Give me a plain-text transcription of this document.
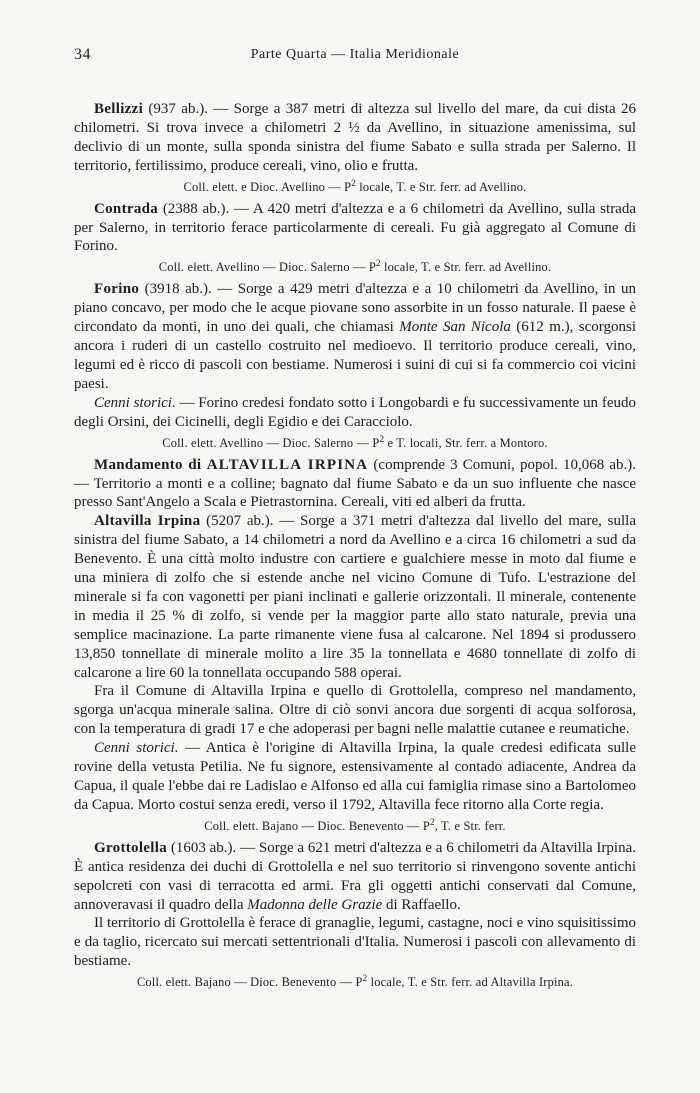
34	Parte Quarta — Italia Meridionale

Bellizzi (937 ab.). — Sorge a 387 metri di altezza sul livello del mare, da cui dista 26 chilometri. Si trova invece a chilometri 2 ½ da Avellino, in situazione amenissima, sul declivio di un monte, sulla sponda sinistra del fiume Sabato e sulla strada per Salerno. Il territorio, fertilissimo, produce cereali, vino, olio e frutta.

Coll. elett. e Dioc. Avellino — $P^2$ locale, T. e Str. ferr. ad Avellino.

Contrada (2388 ab.). — A 420 metri d'altezza e a 6 chilometri da Avellino, sulla strada per Salerno, in territorio ferace particolarmente di cereali. Fu già aggregato al Comune di Forino.

Coll. elett. Avellino — Dioc. Salerno — $P^2$ locale, T. e Str. ferr. ad Avellino.

Forino (3918 ab.). — Sorge a 429 metri d'altezza e a 10 chilometri da Avellino, in un piano concavo, per modo che le acque piovane sono assorbite in un fosso naturale. Il paese è circondato da monti, in uno dei quali, che chiamasi Monte San Nicola (612 m.), scorgonsi ancora i ruderi di un castello costruito nel medioevo. Il territorio produce cereali, vino, legumi ed è ricco di pascoli con bestiame. Numerosi i suini di cui si fa commercio coi vicini paesi.

Cenni storici. — Forino credesi fondato sotto i Longobardi e fu successivamente un feudo degli Orsini, dei Cicinelli, degli Egidio e dei Caracciolo.

Coll. elett. Avellino — Dioc. Salerno — $P^2$ e T. locali, Str. ferr. a Montoro.

Mandamento di ALTAVILLA IRPINA (comprende 3 Comuni, popol. 10,068 ab.). — Territorio a monti e a colline; bagnato dal fiume Sabato e da un suo influente che nasce presso Sant'Angelo a Scala e Pietrastornina. Cereali, viti ed alberi da frutta.

Altavilla Irpina (5207 ab.). — Sorge a 371 metri d'altezza dal livello del mare, sulla sinistra del fiume Sabato, a 14 chilometri a nord da Avellino e a circa 16 chilometri a sud da Benevento. È una città molto industre con cartiere e gualchiere messe in moto dal fiume e una miniera di zolfo che si estende anche nel vicino Comune di Tufo. L'estrazione del minerale si fa con vagonetti per piani inclinati e gallerie orizzontali. Il minerale, contenente in media il 25 % di zolfo, si vende per la maggior parte allo stato naturale, previa una semplice macinazione. La parte rimanente viene fusa al calcarone. Nel 1894 si produssero 13,850 tonnellate di minerale molito a lire 35 la tonnellata e 4680 tonnellate di zolfo di calcarone a lire 60 la tonnellata occupando 588 operai.

Fra il Comune di Altavilla Irpina e quello di Grottolella, compreso nel mandamento, sgorga un'acqua minerale salina. Oltre di ciò sonvi ancora due sorgenti di acqua solforosa, con la temperatura di gradi 17 e che adoperasi per bagni nelle malattie cutanee e reumatiche.

Cenni storici. — Antica è l'origine di Altavilla Irpina, la quale credesi edificata sulle rovine della vetusta Petilia. Ne fu signore, estensivamente al contado adiacente, Andrea da Capua, il quale l'ebbe dai re Ladislao e Alfonso ed alla cui famiglia rimase sino a Bartolomeo da Capua. Morto costui senza eredi, verso il 1792, Altavilla fece ritorno alla Corte regia.

Coll. elett. Bajano — Dioc. Benevento — $P^2$, T. e Str. ferr.

Grottolella (1603 ab.). — Sorge a 621 metri d'altezza e a 6 chilometri da Altavilla Irpina. È antica residenza dei duchi di Grottolella e nel suo territorio si rinvengono sovente antichi sepolcreti con vasi di terracotta ed armi. Fra gli oggetti antichi conservati dal Comune, annoveravasi il quadro della Madonna delle Grazie di Raffaello.

Il territorio di Grottolella è ferace di granaglie, legumi, castagne, noci e vino squisitissimo e da taglio, ricercato sui mercati settentrionali d'Italia. Numerosi i pascoli con allevamento di bestiame.

Coll. elett. Bajano — Dioc. Benevento — $P^2$ locale, T. e Str. ferr. ad Altavilla Irpina.
